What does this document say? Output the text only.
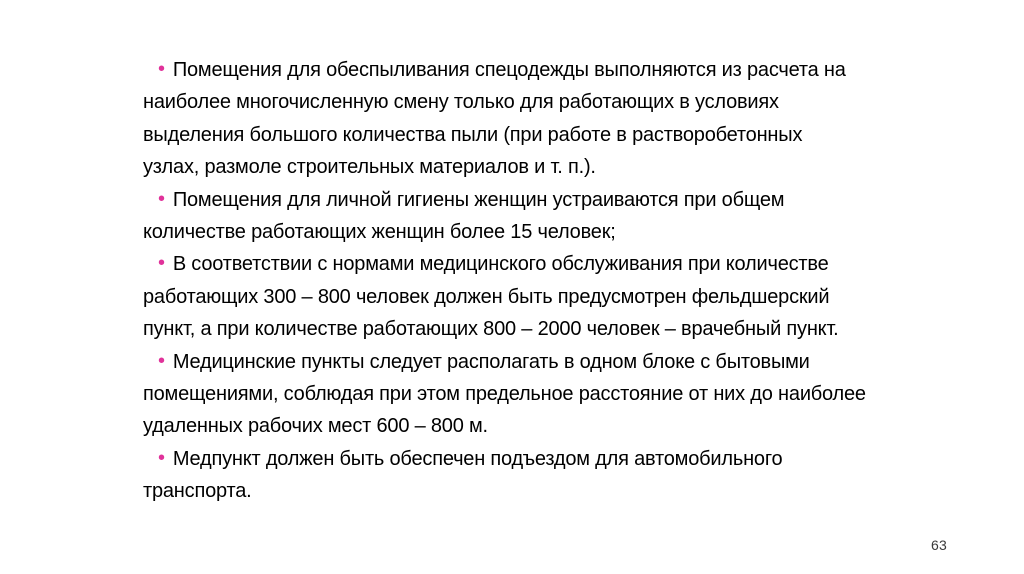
• Помещения для обеспыливания спецодежды выполняются из расчета на
наиболее многочисленную смену только для работающих в условиях
выделения большого количества пыли (при работе в растворобетонных
узлах, размоле строительных материалов и т. п.).

• Помещения для личной гигиены женщин устраиваются при общем
количестве работающих женщин более 15 человек;

• В соответствии с нормами медицинского обслуживания при количестве
работающих 300 – 800 человек должен быть предусмотрен фельдшерский
пункт, а при количестве работающих 800 – 2000 человек – врачебный пункт.

• Медицинские пункты следует располагать в одном блоке с бытовыми
помещениями, соблюдая при этом предельное расстояние от них до наиболее
удаленных рабочих мест 600 – 800 м.

• Медпункт должен быть обеспечен подъездом для автомобильного
транспорта.

63
